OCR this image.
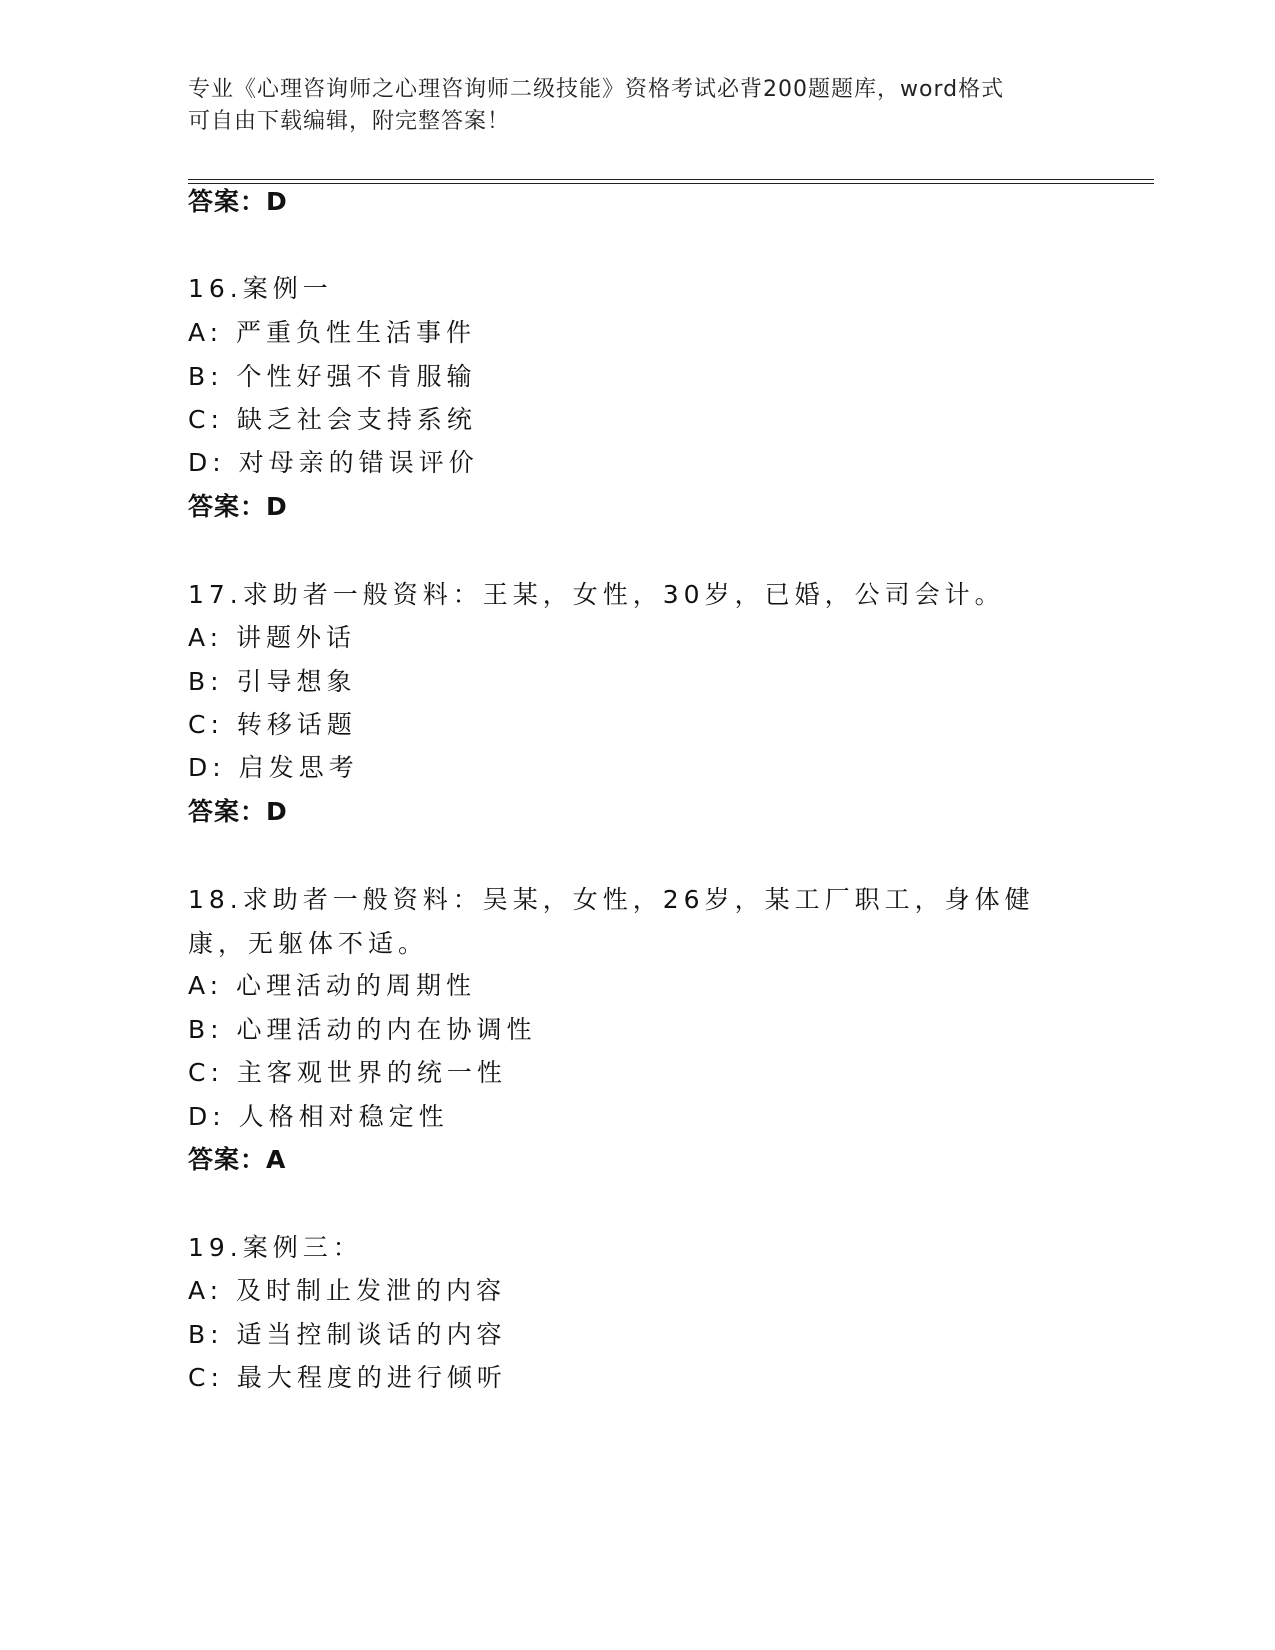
专业《心理咨询师之心理咨询师二级技能》资格考试必背200题题库，word格式
可自由下载编辑，附完整答案！
答案：D
16.案例一
A: 严重负性生活事件
B: 个性好强不肯服输
C: 缺乏社会支持系统
D: 对母亲的错误评价
答案：D
17.求助者一般资料：王某，女性，30岁，已婚，公司会计。
A: 讲题外话
B: 引导想象
C: 转移话题
D: 启发思考
答案：D
18.求助者一般资料：吴某，女性，26岁，某工厂职工，身体健康，无躯体不适。
A: 心理活动的周期性
B: 心理活动的内在协调性
C: 主客观世界的统一性
D: 人格相对稳定性
答案：A
19.案例三：
A: 及时制止发泄的内容
B: 适当控制谈话的内容
C: 最大程度的进行倾听
